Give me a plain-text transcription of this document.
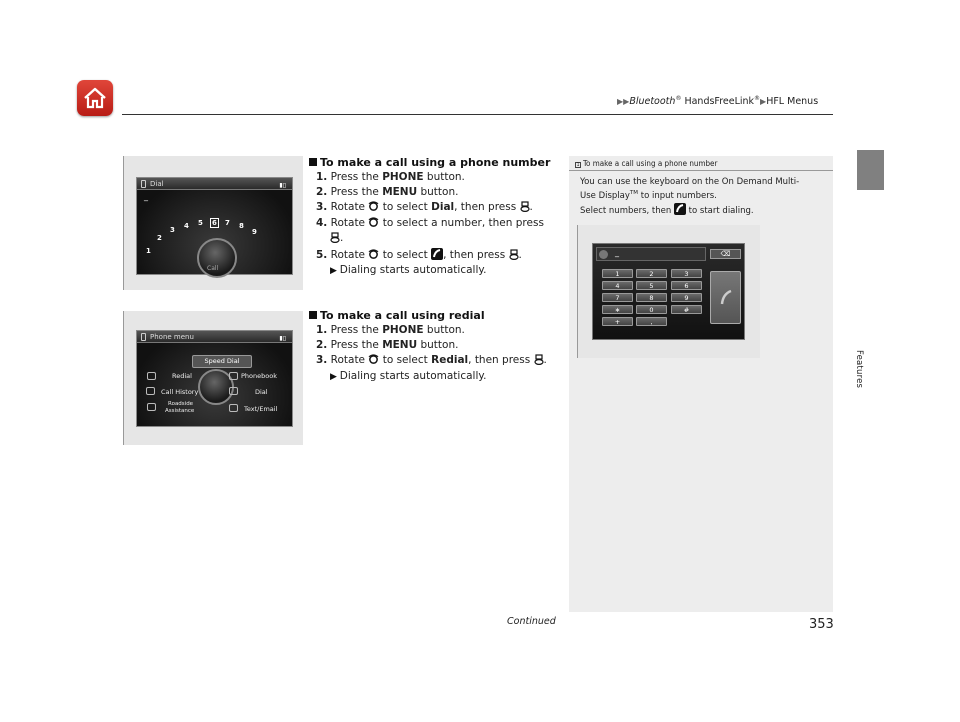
▶▶Bluetooth® HandsFreeLink®▶HFL Menus
Features
Dial	▮▯
_
1
2
3 4 5 6 7 8
9
Call
Phone menu	▮▯
Speed Dial
Redial	Phonebook
Call History	Dial
Roadside
Assistance	Text/Email
To make a call using a phone number
1. Press the PHONE button.
2. Press the MENU button.
3. Rotate  to select Dial, then press .
4. Rotate  to select a number, then press
.
5. Rotate  to select , then press .
▶ Dialing starts automatically.
To make a call using redial
1. Press the PHONE button.
2. Press the MENU button.
3. Rotate  to select Redial, then press .
▶ Dialing starts automatically.
1 To make a call using a phone number
You can use the keyboard on the On Demand Multi-
Use Display™ to input numbers.
Select numbers, then  to start dialing.
_	⌫
1	2	3
4	5	6
7	8	9
∗	0	#
+	,
Continued	353
